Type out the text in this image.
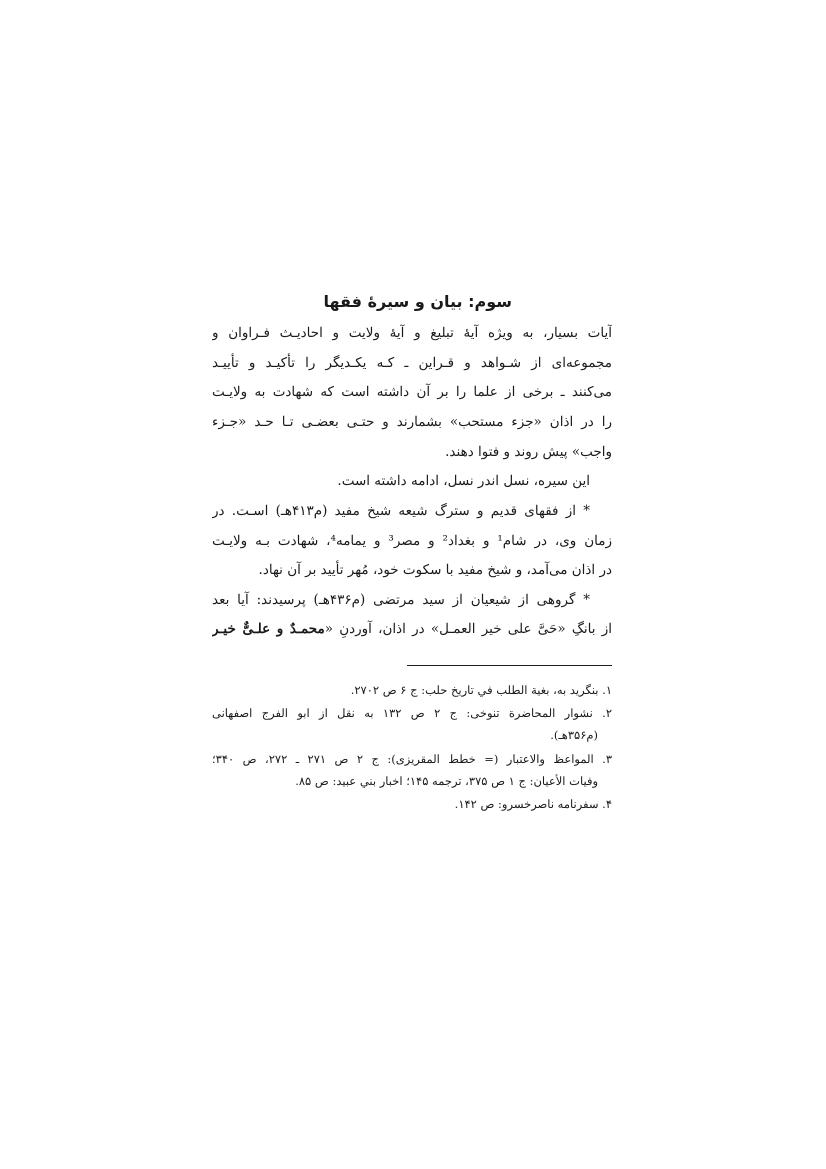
سوم: بیان و سیرهٔ فقها
آیات بسیار، به ویژه آیهٔ تبلیغ و آیهٔ ولایت و احادیـث فـراوان و
مجموعه‌ای از شـواهد و قـراین ـ کـه یکـدیگر را تأکیـد و تأییـد
می‌کنند ـ برخی از علما را بر آن داشته است که شهادت به ولایـت
را در اذان «جزء مستحب» بشمارند و حتـی بعضـی تـا حـد «جـزء
واجب» پیش روند و فتوا دهند.
این سیره، نسل اندر نسل، ادامه داشته است.
* از فقهای قدیم و سترگ شیعه شیخ مفید (م۴۱۳هـ) اسـت. در
زمان وی، در شام¹ و بغداد² و مصر³ و یمامه⁴، شهادت بـه ولایـت
در اذان می‌آمد، و شیخ مفید با سکوت خود، مُهر تأیید بر آن نهاد.
* گروهی از شیعیان از سید مرتضی (م۴۳۶هـ) پرسیدند: آیا بعد
از بانگِ «حَیَّ علی خیر العمـل» در اذان، آوردنِ «محمـدٌ و علـیٌّ خیـر
۱. بنگرید به، بغیة الطلب في تاریخ حلب: ج ۶ ص ۲۷۰۲.
۲. نشوار المحاضرة تنوخی: ج ۲ ص ۱۳۲ به نقل از ابو الفرج اصفهانی
(م۳۵۶هـ).
۳. المواعظ والاعتبار (= خطط المقریزی): ج ۲ ص ۲۷۱ ـ ۲۷۲، ص ۳۴۰؛
وفیات الأعیان: ج ۱ ص ۳۷۵، ترجمه ۱۴۵؛ اخبار بني عبید: ص ۸۵.
۴. سفرنامه ناصرخسرو: ص ۱۴۲.
